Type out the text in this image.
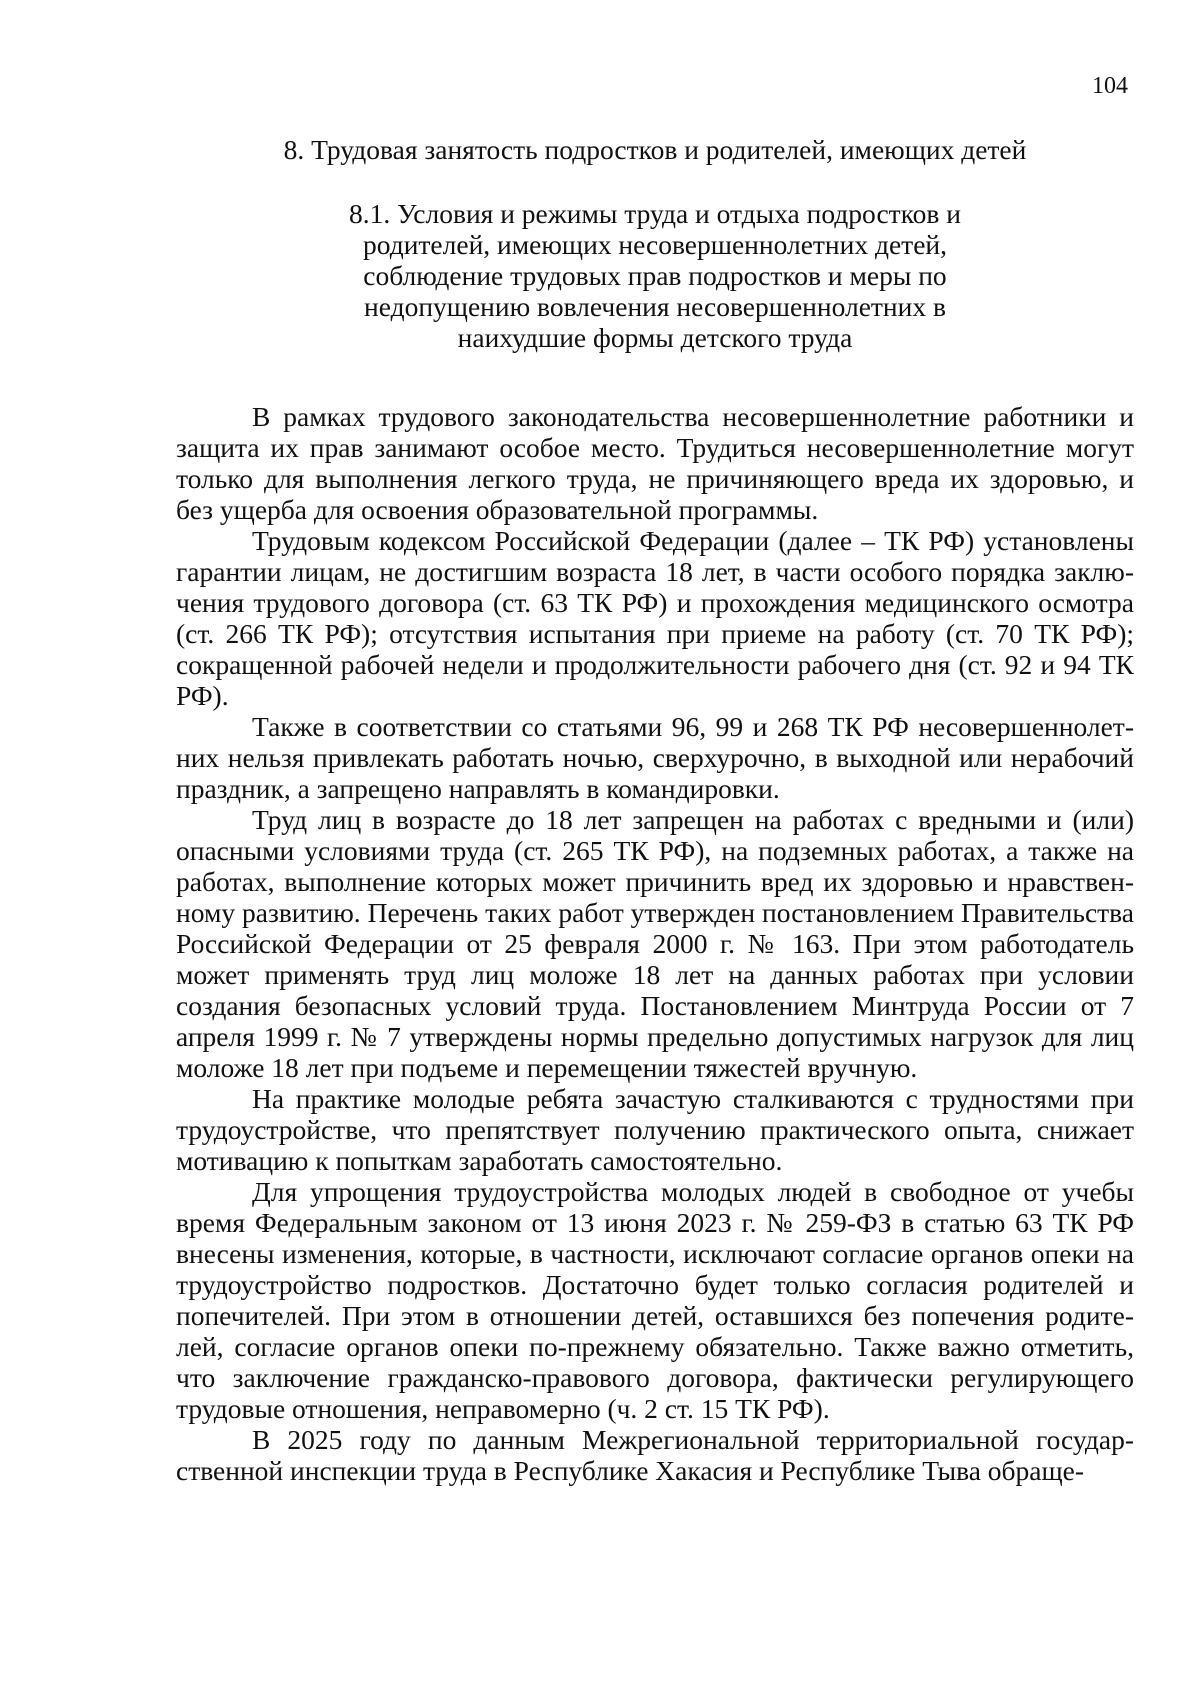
104
8. Трудовая занятость подростков и родителей, имеющих детей
8.1. Условия и режимы труда и отдыха подростков и
родителей, имеющих несовершеннолетних детей,
соблюдение трудовых прав подростков и меры по
недопущению вовлечения несовершеннолетних в
наихудшие формы детского труда

В рамках трудового законодательства несовершеннолетние работники и защита их прав занимают особое место. Трудиться несовершеннолетние могут только для выполнения легкого труда, не причиняющего вреда их здоровью, и без ущерба для освоения образовательной программы.

Трудовым кодексом Российской Федерации (далее – ТК РФ) установлены гарантии лицам, не достигшим возраста 18 лет, в части особого порядка заключения трудового договора (ст. 63 ТК РФ) и прохождения медицинского осмотра (ст. 266 ТК РФ); отсутствия испытания при приеме на работу (ст. 70 ТК РФ); сокращенной рабочей недели и продолжительности рабочего дня (ст. 92 и 94 ТК РФ).

Также в соответствии со статьями 96, 99 и 268 ТК РФ несовершеннолетних нельзя привлекать работать ночью, сверхурочно, в выходной или нерабочий праздник, а запрещено направлять в командировки.

Труд лиц в возрасте до 18 лет запрещен на работах с вредными и (или) опасными условиями труда (ст. 265 ТК РФ), на подземных работах, а также на работах, выполнение которых может причинить вред их здоровью и нравственному развитию. Перечень таких работ утвержден постановлением Правительства Российской Федерации от 25 февраля 2000 г. № 163. При этом работодатель может применять труд лиц моложе 18 лет на данных работах при условии создания безопасных условий труда. Постановлением Минтруда России от 7 апреля 1999 г. № 7 утверждены нормы предельно допустимых нагрузок для лиц моложе 18 лет при подъеме и перемещении тяжестей вручную.

На практике молодые ребята зачастую сталкиваются с трудностями при трудоустройстве, что препятствует получению практического опыта, снижает мотивацию к попыткам заработать самостоятельно.

Для упрощения трудоустройства молодых людей в свободное от учебы время Федеральным законом от 13 июня 2023 г. № 259-ФЗ в статью 63 ТК РФ внесены изменения, которые, в частности, исключают согласие органов опеки на трудоустройство подростков. Достаточно будет только согласия родителей и попечителей. При этом в отношении детей, оставшихся без попечения родителей, согласие органов опеки по-прежнему обязательно. Также важно отметить, что заключение гражданско-правового договора, фактически регулирующего трудовые отношения, неправомерно (ч. 2 ст. 15 ТК РФ).

В 2025 году по данным Межрегиональной территориальной государственной инспекции труда в Республике Хакасия и Республике Тыва обраще-
